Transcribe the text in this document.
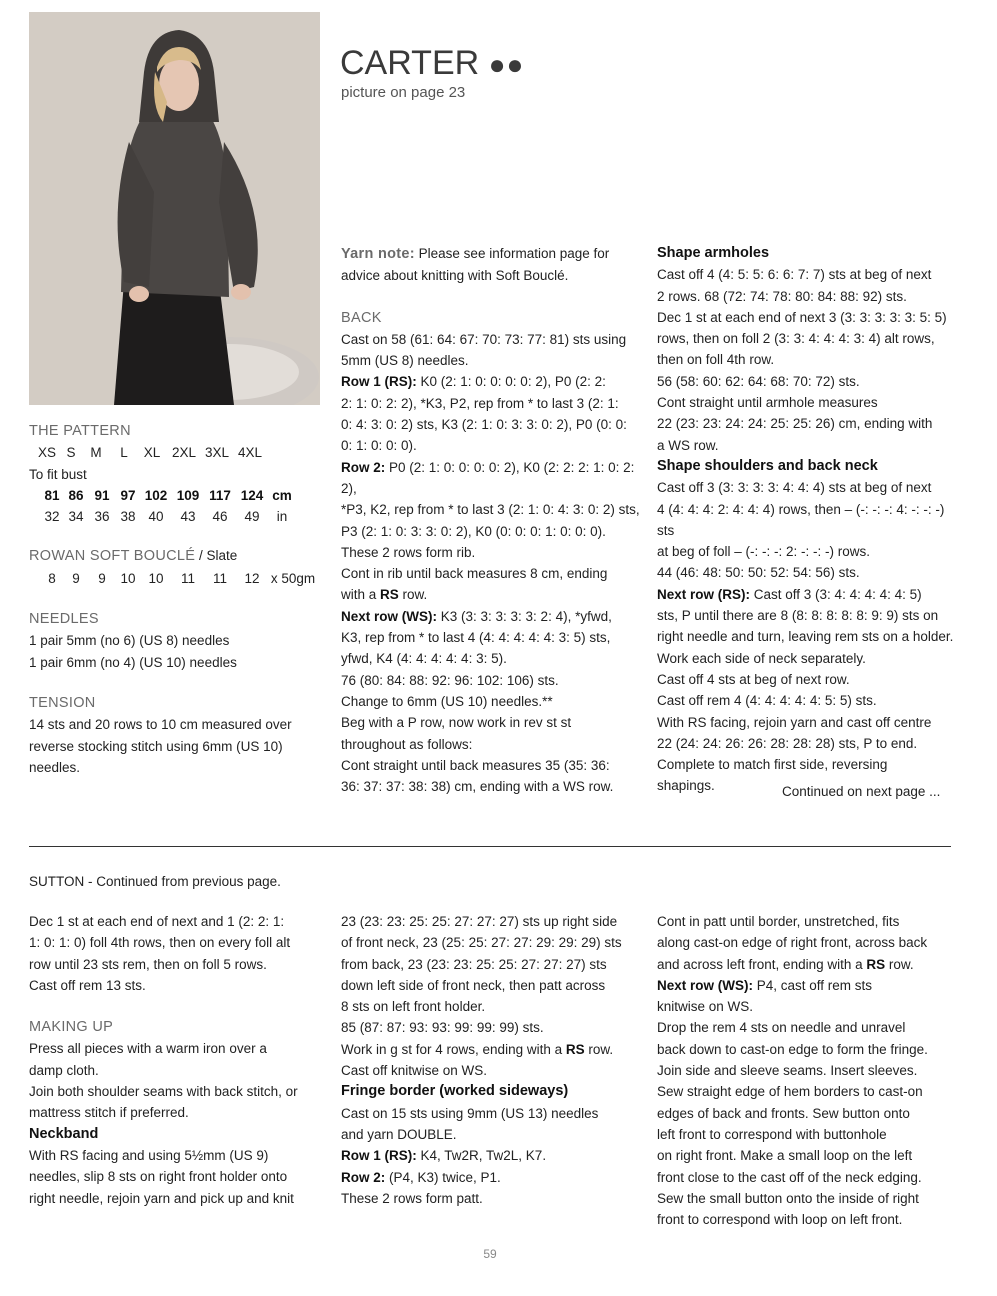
CARTER ●●
picture on page 23
THE PATTERN
XS S	M	L	XL 2XL 3XL 4XL
To fit bust
81 86 91 97 102 109 117 124 cm
32 34 36 38 40	43	46	49	in
ROWAN SOFT BOUCLÉ / Slate
8	9	9	10 10	11	11	12 x 50gm
NEEDLES

1 pair 5mm (no 6) (US 8) needles

1 pair 6mm (no 4) (US 10) needles

TENSION

14 sts and 20 rows to 10 cm measured over

reverse stocking stitch using 6mm (US 10)

needles.

Yarn note: Please see information page for

advice about knitting with Soft Bouclé.

BACK

Cast on 58 (61: 64: 67: 70: 73: 77: 81) sts using

5mm (US 8) needles.

Row 1 (RS): K0 (2: 1: 0: 0: 0: 0: 2), P0 (2: 2:

2: 1: 0: 2: 2), *K3, P2, rep from * to last 3 (2: 1:

0: 4: 3: 0: 2) sts, K3 (2: 1: 0: 3: 3: 0: 2), P0 (0: 0:

0: 1: 0: 0: 0).

Row 2: P0 (2: 1: 0: 0: 0: 0: 2), K0 (2: 2: 2: 1: 0: 2: 2),

*P3, K2, rep from * to last 3 (2: 1: 0: 4: 3: 0: 2) sts,

P3 (2: 1: 0: 3: 3: 0: 2), K0 (0: 0: 0: 1: 0: 0: 0).

These 2 rows form rib.

Cont in rib until back measures 8 cm, ending

with a RS row.

Next row (WS): K3 (3: 3: 3: 3: 3: 2: 4), *yfwd,

K3, rep from * to last 4 (4: 4: 4: 4: 4: 3: 5) sts,

yfwd, K4 (4: 4: 4: 4: 4: 3: 5).

76 (80: 84: 88: 92: 96: 102: 106) sts.

Change to 6mm (US 10) needles.**

Beg with a P row, now work in rev st st

throughout as follows:

Cont straight until back measures 35 (35: 36:

36: 37: 37: 38: 38) cm, ending with a WS row.

Shape armholes

Cast off 4 (4: 5: 5: 6: 6: 7: 7) sts at beg of next

2 rows. 68 (72: 74: 78: 80: 84: 88: 92) sts.

Dec 1 st at each end of next 3 (3: 3: 3: 3: 3: 5: 5)

rows, then on foll 2 (3: 3: 4: 4: 4: 3: 4) alt rows,

then on foll 4th row.

56 (58: 60: 62: 64: 68: 70: 72) sts.

Cont straight until armhole measures

22 (23: 23: 24: 24: 25: 25: 26) cm, ending with

a WS row.

Shape shoulders and back neck

Cast off 3 (3: 3: 3: 3: 4: 4: 4) sts at beg of next

4 (4: 4: 4: 2: 4: 4: 4) rows, then – (-: -: -: 4: -: -: -) sts

at beg of foll – (-: -: -: 2: -: -: -) rows.

44 (46: 48: 50: 50: 52: 54: 56) sts.

Next row (RS): Cast off 3 (3: 4: 4: 4: 4: 4: 5)

sts, P until there are 8 (8: 8: 8: 8: 8: 9: 9) sts on

right needle and turn, leaving rem sts on a holder.

Work each side of neck separately.

Cast off 4 sts at beg of next row.

Cast off rem 4 (4: 4: 4: 4: 4: 5: 5) sts.

With RS facing, rejoin yarn and cast off centre

22 (24: 24: 26: 26: 28: 28: 28) sts, P to end.

Complete to match first side, reversing

shapings.	Continued on next page ...
SUTTON - Continued from previous page.

Dec 1 st at each end of next and 1 (2: 2: 1:

1: 0: 1: 0) foll 4th rows, then on every foll alt

row until 23 sts rem, then on foll 5 rows.

Cast off rem 13 sts.

MAKING UP

Press all pieces with a warm iron over a

damp cloth.

Join both shoulder seams with back stitch, or

mattress stitch if preferred.

Neckband

With RS facing and using 5½mm (US 9)

needles, slip 8 sts on right front holder onto

right needle, rejoin yarn and pick up and knit

23 (23: 23: 25: 25: 27: 27: 27) sts up right side

of front neck, 23 (25: 25: 27: 27: 29: 29: 29) sts

from back, 23 (23: 23: 25: 25: 27: 27: 27) sts

down left side of front neck, then patt across

8 sts on left front holder.

85 (87: 87: 93: 93: 99: 99: 99) sts.

Work in g st for 4 rows, ending with a RS row.

Cast off knitwise on WS.

Fringe border (worked sideways)

Cast on 15 sts using 9mm (US 13) needles

and yarn DOUBLE.

Row 1 (RS): K4, Tw2R, Tw2L, K7.

Row 2: (P4, K3) twice, P1.

These 2 rows form patt.

Cont in patt until border, unstretched, fits

along cast-on edge of right front, across back

and across left front, ending with a RS row.

Next row (WS): P4, cast off rem sts

knitwise on WS.

Drop the rem 4 sts on needle and unravel

back down to cast-on edge to form the fringe.

Join side and sleeve seams. Insert sleeves.

Sew straight edge of hem borders to cast-on

edges of back and fronts. Sew button onto

left front to correspond with buttonhole

on right front. Make a small loop on the left

front close to the cast off of the neck edging.

Sew the small button onto the inside of right

front to correspond with loop on left front.

59
